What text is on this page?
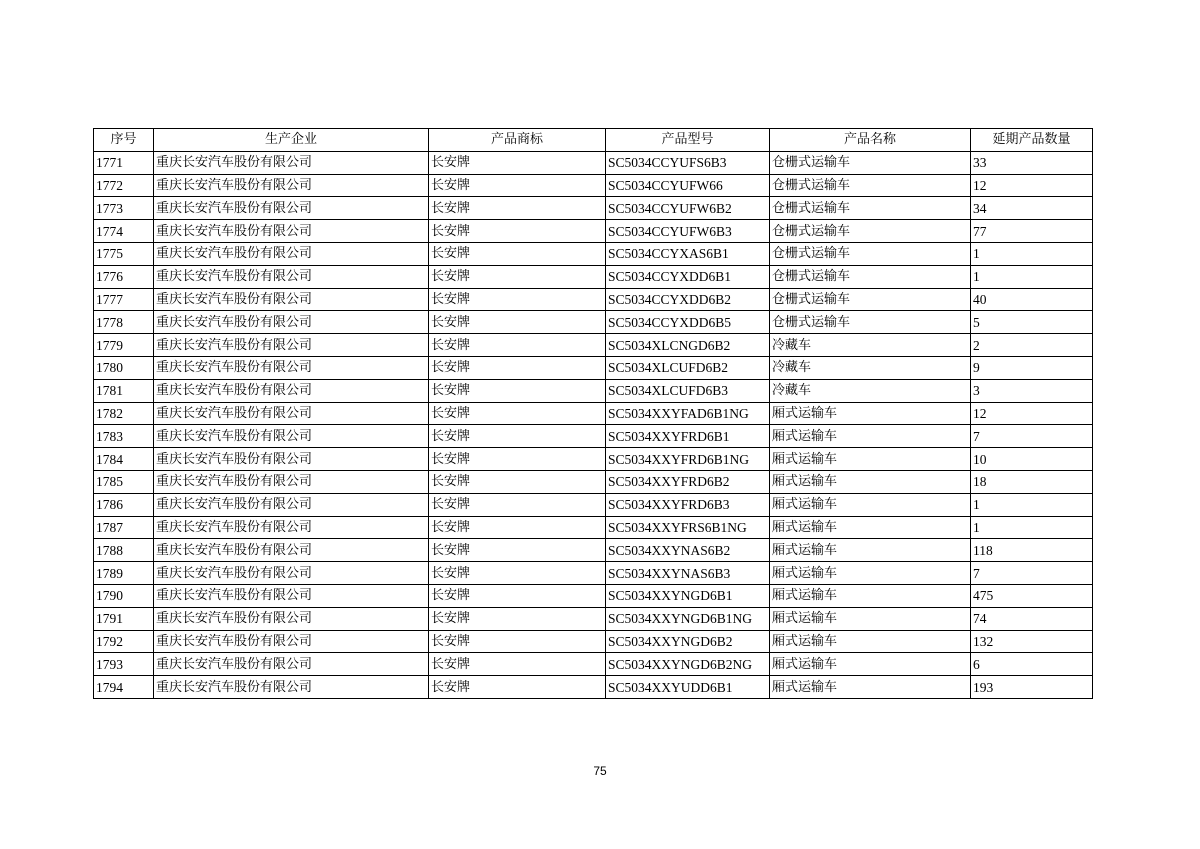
序号	生产企业	产品商标	产品型号	产品名称	延期产品数量
1771	重庆长安汽车股份有限公司	长安牌	SC5034CCYUFS6B3	仓栅式运输车	33
1772	重庆长安汽车股份有限公司	长安牌	SC5034CCYUFW66	仓栅式运输车	12
1773	重庆长安汽车股份有限公司	长安牌	SC5034CCYUFW6B2	仓栅式运输车	34
1774	重庆长安汽车股份有限公司	长安牌	SC5034CCYUFW6B3	仓栅式运输车	77
1775	重庆长安汽车股份有限公司	长安牌	SC5034CCYXAS6B1	仓栅式运输车	1
1776	重庆长安汽车股份有限公司	长安牌	SC5034CCYXDD6B1	仓栅式运输车	1
1777	重庆长安汽车股份有限公司	长安牌	SC5034CCYXDD6B2	仓栅式运输车	40
1778	重庆长安汽车股份有限公司	长安牌	SC5034CCYXDD6B5	仓栅式运输车	5
1779	重庆长安汽车股份有限公司	长安牌	SC5034XLCNGD6B2	冷藏车	2
1780	重庆长安汽车股份有限公司	长安牌	SC5034XLCUFD6B2	冷藏车	9
1781	重庆长安汽车股份有限公司	长安牌	SC5034XLCUFD6B3	冷藏车	3
1782	重庆长安汽车股份有限公司	长安牌	SC5034XXYFAD6B1NG	厢式运输车	12
1783	重庆长安汽车股份有限公司	长安牌	SC5034XXYFRD6B1	厢式运输车	7
1784	重庆长安汽车股份有限公司	长安牌	SC5034XXYFRD6B1NG	厢式运输车	10
1785	重庆长安汽车股份有限公司	长安牌	SC5034XXYFRD6B2	厢式运输车	18
1786	重庆长安汽车股份有限公司	长安牌	SC5034XXYFRD6B3	厢式运输车	1
1787	重庆长安汽车股份有限公司	长安牌	SC5034XXYFRS6B1NG	厢式运输车	1
1788	重庆长安汽车股份有限公司	长安牌	SC5034XXYNAS6B2	厢式运输车	118
1789	重庆长安汽车股份有限公司	长安牌	SC5034XXYNAS6B3	厢式运输车	7
1790	重庆长安汽车股份有限公司	长安牌	SC5034XXYNGD6B1	厢式运输车	475
1791	重庆长安汽车股份有限公司	长安牌	SC5034XXYNGD6B1NG	厢式运输车	74
1792	重庆长安汽车股份有限公司	长安牌	SC5034XXYNGD6B2	厢式运输车	132
1793	重庆长安汽车股份有限公司	长安牌	SC5034XXYNGD6B2NG	厢式运输车	6
1794	重庆长安汽车股份有限公司	长安牌	SC5034XXYUDD6B1	厢式运输车	193
75
